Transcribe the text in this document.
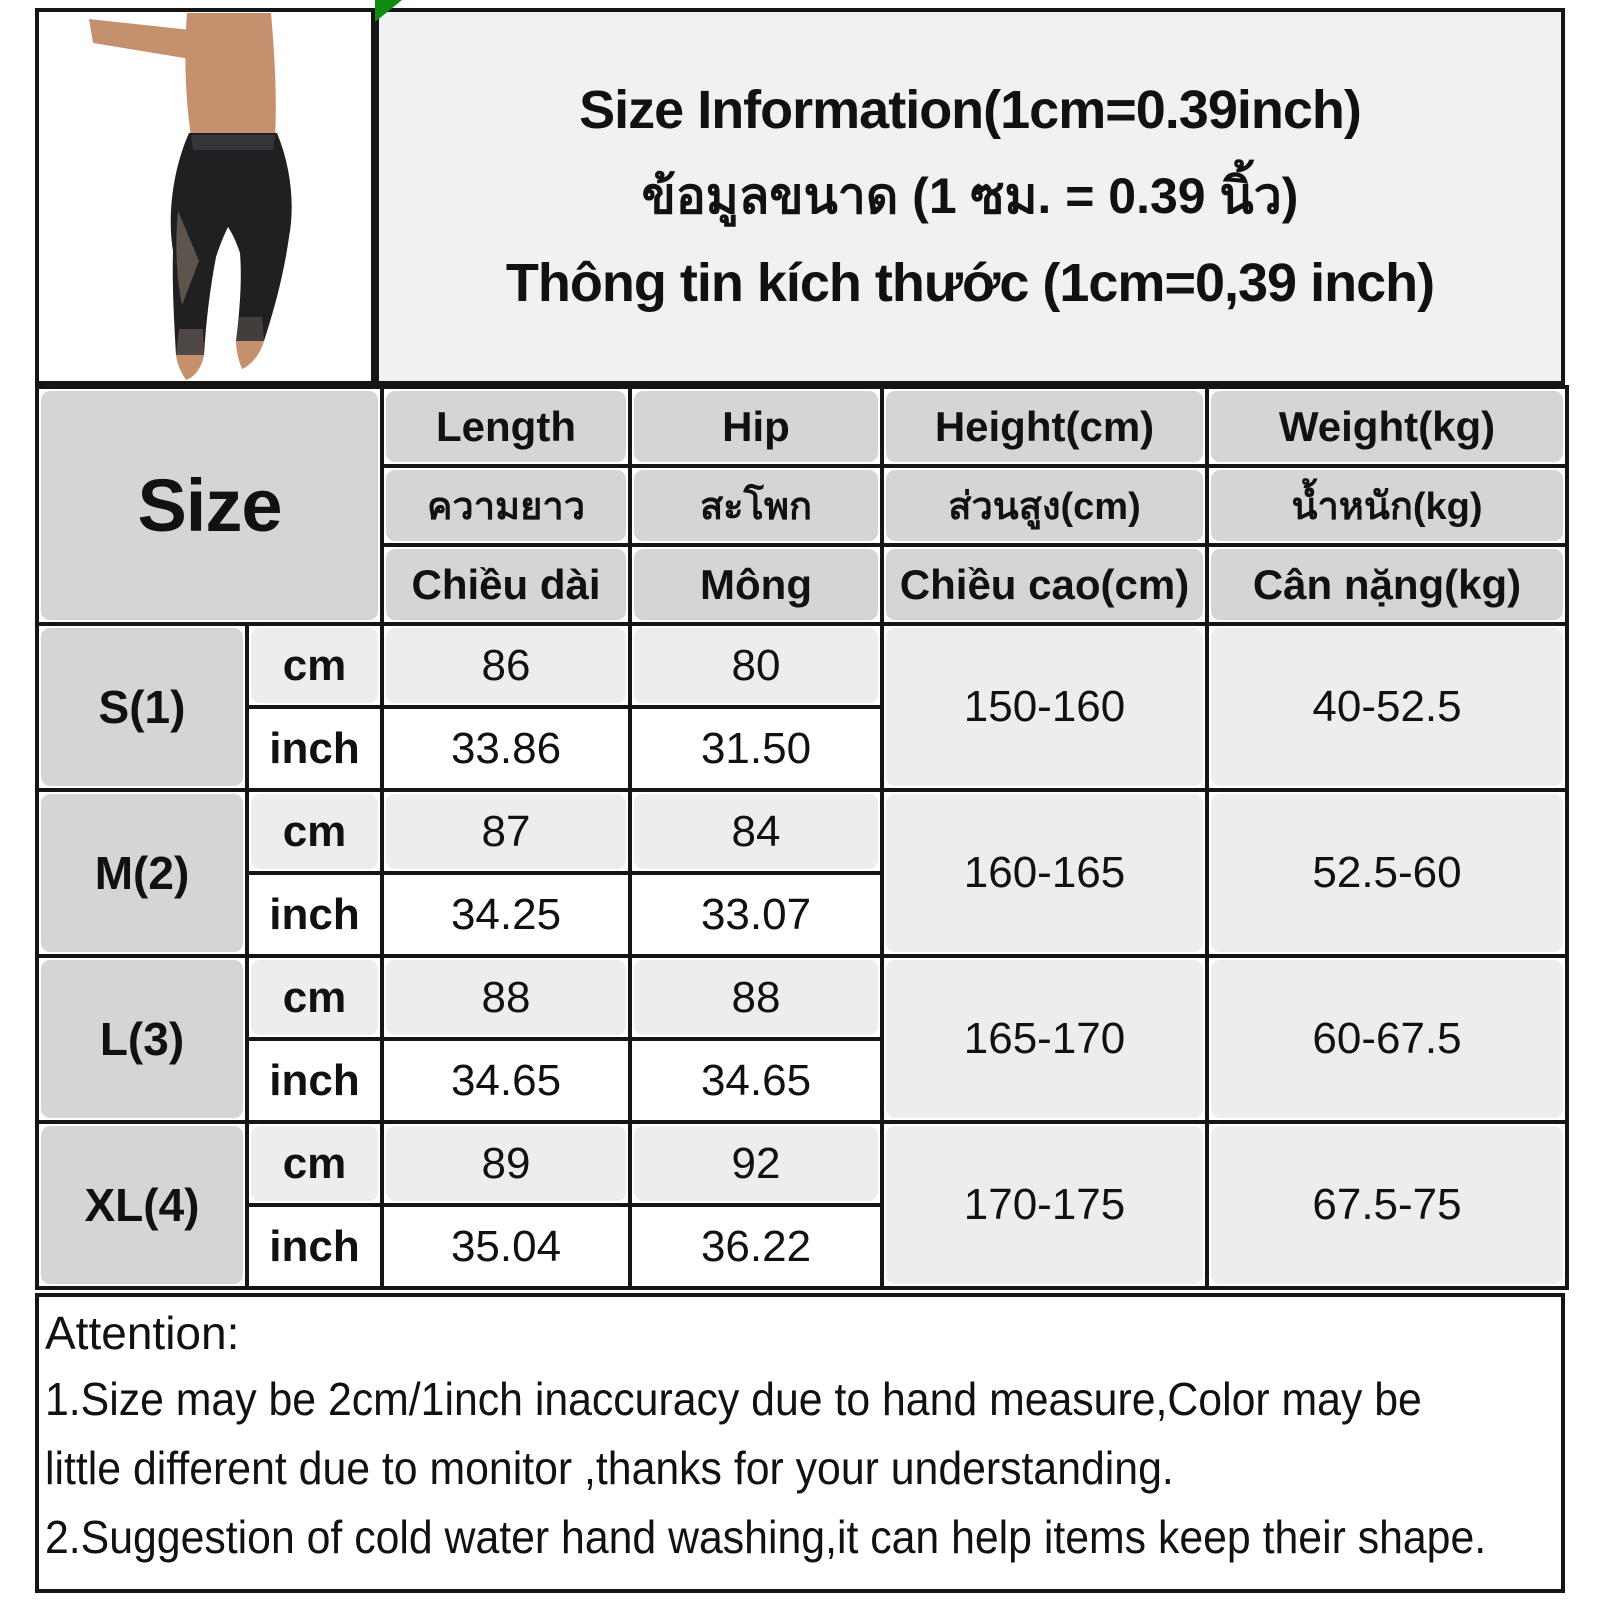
Size Information(1cm=0.39inch)
ข้อมูลขนาด (1 ซม. = 0.39 นิ้ว)
Thông tin kích thước (1cm=0,39 inch)
Size		Length	Hip	Height(cm)	Weight(kg)

ความยาว	สะโพก	ส่วนสูง(cm)	น้ำหนัก(kg)

Chiều dài	Mông	Chiều cao(cm)	Cân nặng(kg)

S(1)	cm	86	80	150-160	40-52.5

inch	33.86	31.50		

M(2)	cm	87	84	160-165	52.5-60

inch	34.25	33.07		

L(3)	cm	88	88	165-170	60-67.5

inch	34.65	34.65		

XL(4)	cm	89	92	170-175	67.5-75

inch	35.04	36.22		
Attention:
1.Size may be 2cm/1inch inaccuracy due to hand measure,Color may be little different due to monitor ,thanks for your understanding.
2.Suggestion of cold water hand washing,it can help items keep their shape.
